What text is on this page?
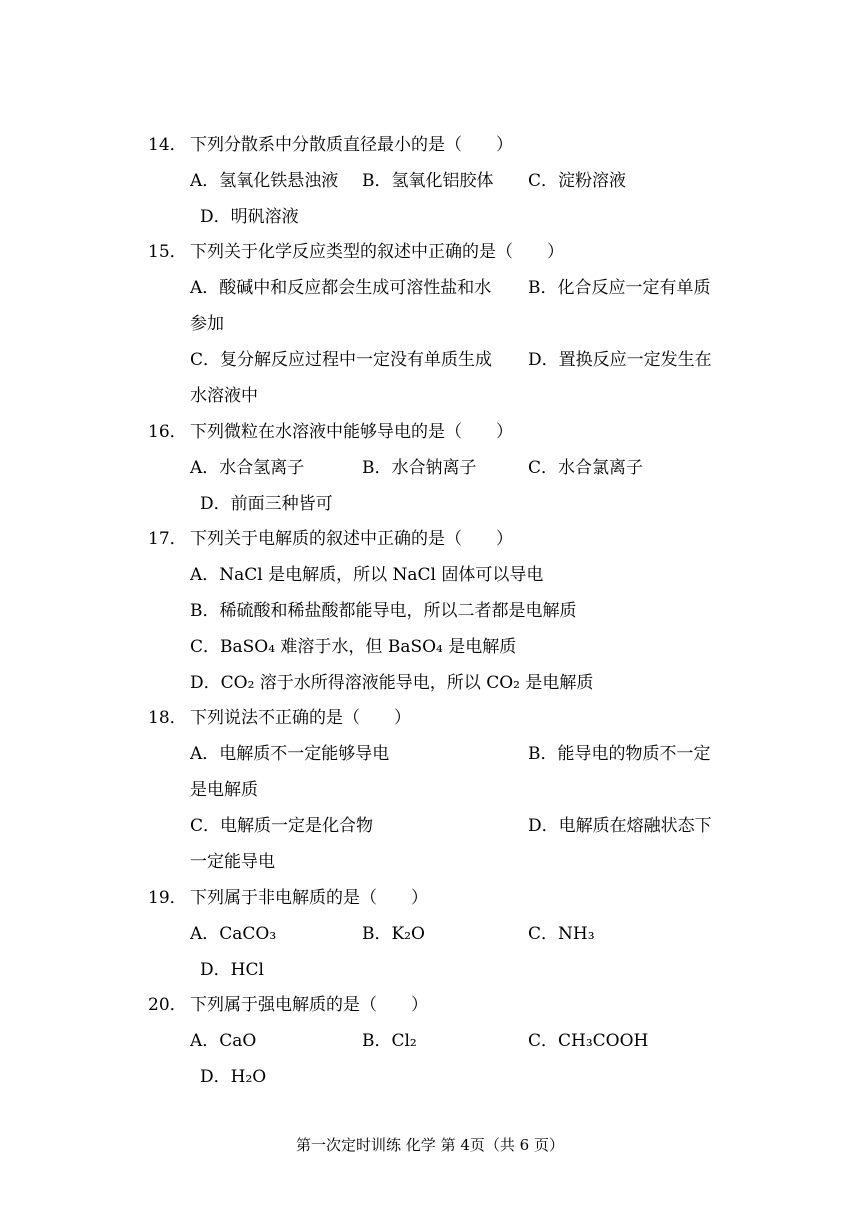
14． 下列分散系中分散质直径最小的是（　　）
A．氢氧化铁悬浊液 B．氢氧化铝胶体 C．淀粉溶液
D．明矾溶液
15． 下列关于化学反应类型的叙述中正确的是（　　）
A．酸碱中和反应都会生成可溶性盐和水 B．化合反应一定有单质
参加
C．复分解反应过程中一定没有单质生成 D．置换反应一定发生在
水溶液中
16． 下列微粒在水溶液中能够导电的是（　　）
A．水合氢离子	B．水合钠离子	C．水合氯离子
D．前面三种皆可
17． 下列关于电解质的叙述中正确的是（　　）
A．NaCl 是电解质，所以 NaCl 固体可以导电
B．稀硫酸和稀盐酸都能导电，所以二者都是电解质
C．BaSO₄ 难溶于水，但 BaSO₄ 是电解质
D．CO₂ 溶于水所得溶液能导电，所以 CO₂ 是电解质
18． 下列说法不正确的是（　　）
A．电解质不一定能够导电	B．能导电的物质不一定
是电解质
C．电解质一定是化合物	D．电解质在熔融状态下
一定能导电
19． 下列属于非电解质的是（　　）
A．CaCO₃	B．K₂O	C．NH₃
D．HCl
20． 下列属于强电解质的是（　　）
A．CaO	B．Cl₂	C．CH₃COOH
D．H₂O
第一次定时训练 化学 第 4页（共 6 页）
